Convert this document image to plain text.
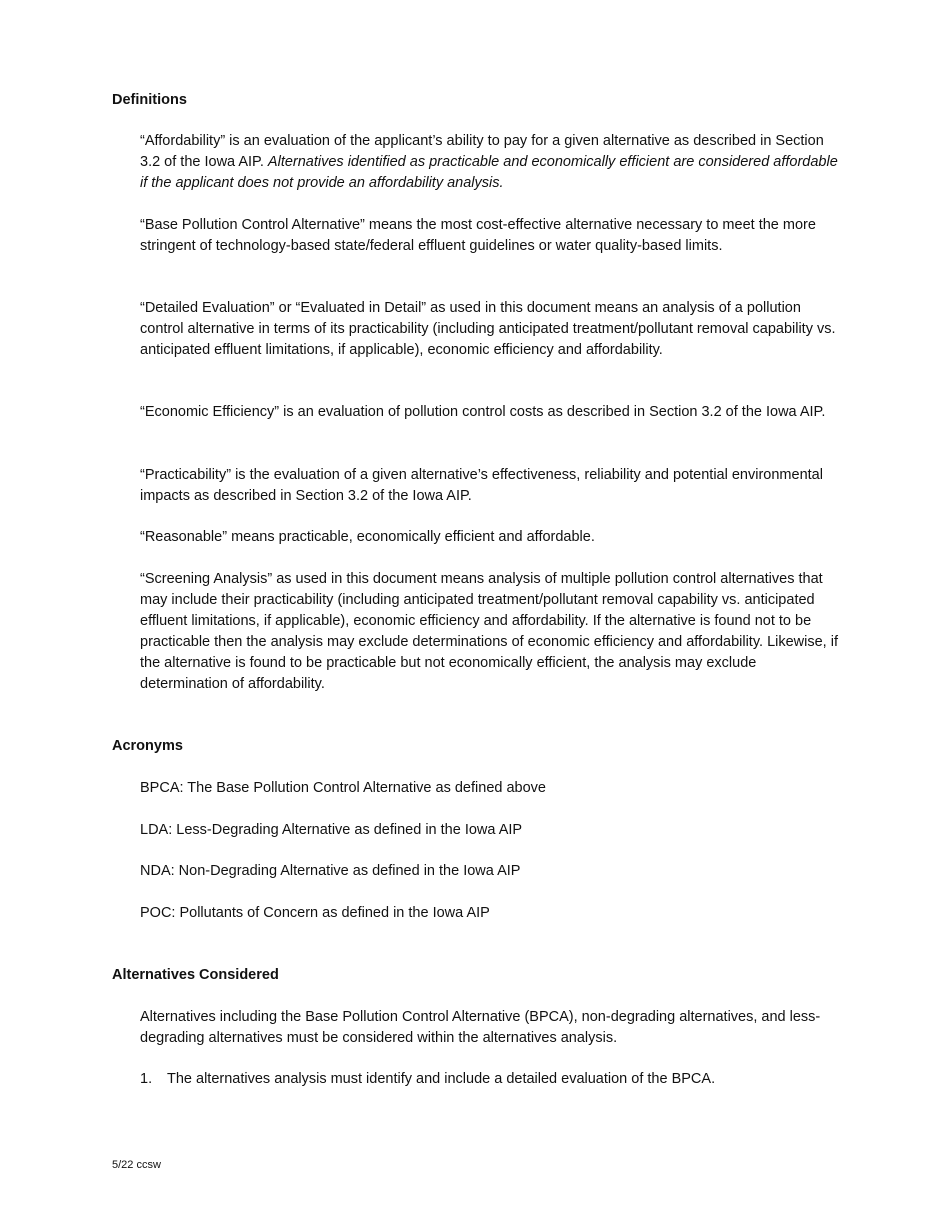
Definitions

“Affordability” is an evaluation of the applicant’s ability to pay for a given alternative as described in Section 3.2 of the Iowa AIP. Alternatives identified as practicable and economically efficient are considered affordable if the applicant does not provide an affordability analysis.

“Base Pollution Control Alternative” means the most cost-effective alternative necessary to meet the more stringent of technology-based state/federal effluent guidelines or water quality-based limits.

“Detailed Evaluation” or “Evaluated in Detail” as used in this document means an analysis of a pollution control alternative in terms of its practicability (including anticipated treatment/pollutant removal capability vs. anticipated effluent limitations, if applicable), economic efficiency and affordability.

“Economic Efficiency” is an evaluation of pollution control costs as described in Section 3.2 of the Iowa AIP.

“Practicability” is the evaluation of a given alternative’s effectiveness, reliability and potential environmental impacts as described in Section 3.2 of the Iowa AIP.

“Reasonable” means practicable, economically efficient and affordable.

“Screening Analysis” as used in this document means analysis of multiple pollution control alternatives that may include their practicability (including anticipated treatment/pollutant removal capability vs. anticipated effluent limitations, if applicable), economic efficiency and affordability. If the alternative is found not to be practicable then the analysis may exclude determinations of economic efficiency and affordability. Likewise, if the alternative is found to be practicable but not economically efficient, the analysis may exclude determination of affordability.

Acronyms

BPCA: The Base Pollution Control Alternative as defined above

LDA: Less-Degrading Alternative as defined in the Iowa AIP

NDA: Non-Degrading Alternative as defined in the Iowa AIP

POC: Pollutants of Concern as defined in the Iowa AIP

Alternatives Considered

Alternatives including the Base Pollution Control Alternative (BPCA), non-degrading alternatives, and less-degrading alternatives must be considered within the alternatives analysis.

1. The alternatives analysis must identify and include a detailed evaluation of the BPCA.

5/22 ccsw
